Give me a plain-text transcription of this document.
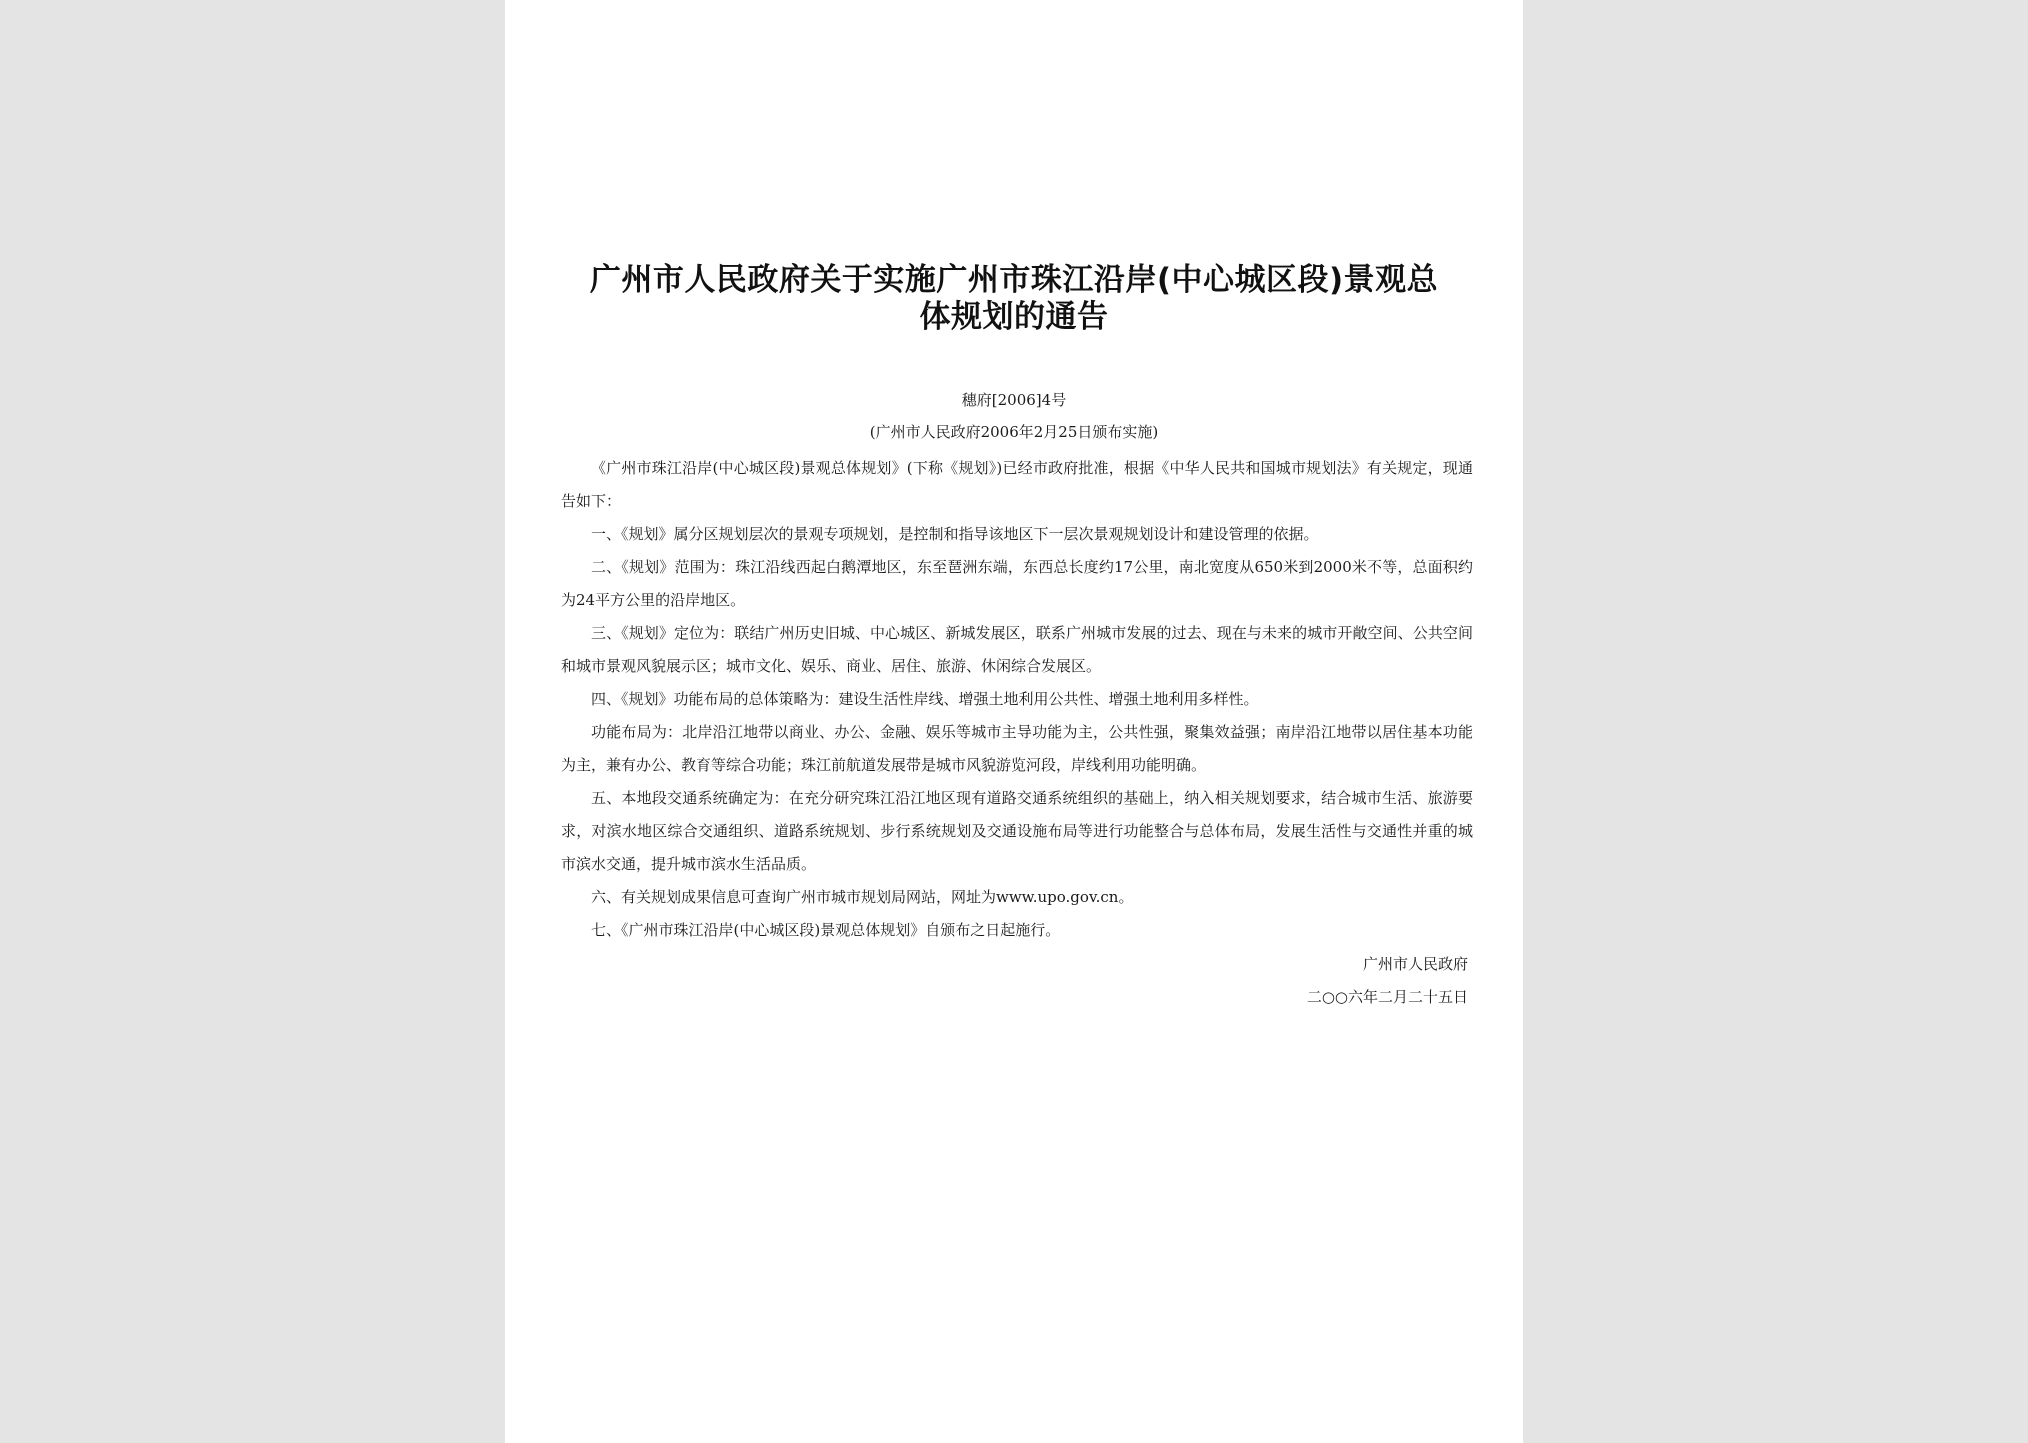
广州市人民政府关于实施广州市珠江沿岸(中心城区段)景观总体规划的通告
穗府[2006]4号
(广州市人民政府2006年2月25日颁布实施)

《广州市珠江沿岸(中心城区段)景观总体规划》(下称《规划》)已经市政府批准，根据《中华人民共和国城市规划法》有关规定，现通告如下：

一、《规划》属分区规划层次的景观专项规划，是控制和指导该地区下一层次景观规划设计和建设管理的依据。

二、《规划》范围为：珠江沿线西起白鹅潭地区，东至琶洲东端，东西总长度约17公里，南北宽度从650米到2000米不等，总面积约为24平方公里的沿岸地区。

三、《规划》定位为：联结广州历史旧城、中心城区、新城发展区，联系广州城市发展的过去、现在与未来的城市开敞空间、公共空间和城市景观风貌展示区；城市文化、娱乐、商业、居住、旅游、休闲综合发展区。

四、《规划》功能布局的总体策略为：建设生活性岸线、增强土地利用公共性、增强土地利用多样性。

功能布局为：北岸沿江地带以商业、办公、金融、娱乐等城市主导功能为主，公共性强，聚集效益强；南岸沿江地带以居住基本功能为主，兼有办公、教育等综合功能；珠江前航道发展带是城市风貌游览河段，岸线利用功能明确。

五、本地段交通系统确定为：在充分研究珠江沿江地区现有道路交通系统组织的基础上，纳入相关规划要求，结合城市生活、旅游要求，对滨水地区综合交通组织、道路系统规划、步行系统规划及交通设施布局等进行功能整合与总体布局，发展生活性与交通性并重的城市滨水交通，提升城市滨水生活品质。

六、有关规划成果信息可查询广州市城市规划局网站，网址为www.upo.gov.cn。

七、《广州市珠江沿岸(中心城区段)景观总体规划》自颁布之日起施行。

广州市人民政府
二○○六年二月二十五日
